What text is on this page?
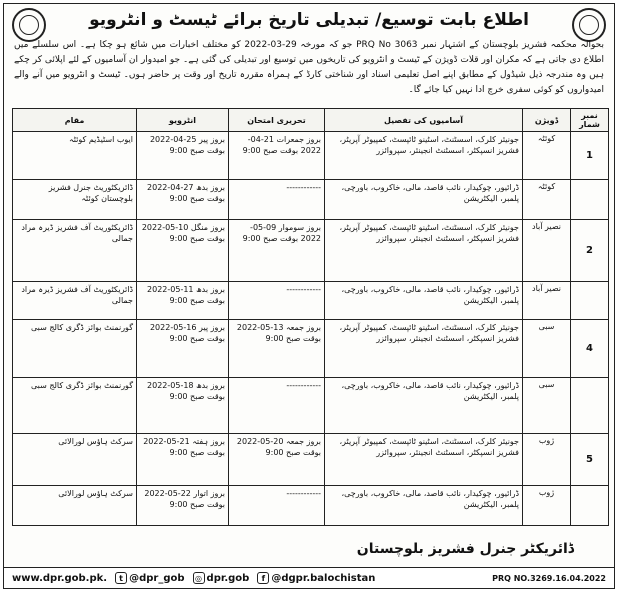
اطلاع بابت توسیع/ تبدیلی تاریخ برائے ٹیسٹ و انٹرویو
بحوالہ محکمہ فشریز بلوچستان کے اشتہار نمبر PRQ No 3063 جو کہ مورخہ 29-03-2022 کو مختلف اخبارات میں شائع ہو چکا ہے۔ اس سلسلے میں اطلاع دی جاتی ہے کہ مکران اور قلات ڈویژن کے ٹیسٹ و انٹرویو کی تاریخوں میں توسیع اور تبدیلی کی گئی ہے۔ جو امیدوار ان آسامیوں کے لئے اپلائی کر چکے ہیں وہ مندرجہ ذیل شیڈول کے مطابق اپنے اصل تعلیمی اسناد اور شناختی کارڈ کے ہمراہ مقررہ تاریخ اور وقت پر حاضر ہوں۔ ٹیسٹ و انٹرویو میں آنے والے امیدواروں کو کوئی سفری خرچ ادا نہیں کیا جائے گا۔
نمبر شمار	ڈویژن	آسامیوں کی تفصیل	تحریری امتحان	انٹرویو	مقام
1	کوئٹہ	جونیئر کلرک، اسسٹنٹ، اسٹینو ٹائپسٹ، کمپیوٹر آپریٹر، فشریز انسپکٹر، اسسٹنٹ انجینئر، سپروائزر	بروز جمعرات 21-04-2022 بوقت صبح 9:00	بروز پیر 25-04-2022 بوقت صبح 9:00	ایوب اسٹیڈیم کوئٹہ
	کوئٹہ	ڈرائیور، چوکیدار، نائب قاصد، مالی، خاکروب، باورچی، پلمبر، الیکٹریشن	------------	بروز بدھ 27-04-2022 بوقت صبح 9:00	ڈائریکٹوریٹ جنرل فشریز بلوچستان کوئٹہ
2	نصیر آباد	جونیئر کلرک، اسسٹنٹ، اسٹینو ٹائپسٹ، کمپیوٹر آپریٹر، فشریز انسپکٹر، اسسٹنٹ انجینئر، سپروائزر	بروز سوموار 09-05-2022 بوقت صبح 9:00	بروز منگل 10-05-2022 بوقت صبح 9:00	ڈائریکٹوریٹ آف فشریز ڈیرہ مراد جمالی
	نصیر آباد	ڈرائیور، چوکیدار، نائب قاصد، مالی، خاکروب، باورچی، پلمبر، الیکٹریشن	------------	بروز بدھ 11-05-2022 بوقت صبح 9:00	ڈائریکٹوریٹ آف فشریز ڈیرہ مراد جمالی
4	سبی	جونیئر کلرک، اسسٹنٹ، اسٹینو ٹائپسٹ، کمپیوٹر آپریٹر، فشریز انسپکٹر، اسسٹنٹ انجینئر، سپروائزر	بروز جمعہ 13-05-2022 بوقت صبح 9:00	بروز پیر 16-05-2022 بوقت صبح 9:00	گورنمنٹ بوائز ڈگری کالج سبی
	سبی	ڈرائیور، چوکیدار، نائب قاصد، مالی، خاکروب، باورچی، پلمبر، الیکٹریشن	------------	بروز بدھ 18-05-2022 بوقت صبح 9:00	گورنمنٹ بوائز ڈگری کالج سبی
5	ژوب	جونیئر کلرک، اسسٹنٹ، اسٹینو ٹائپسٹ، کمپیوٹر آپریٹر، فشریز انسپکٹر، اسسٹنٹ انجینئر، سپروائزر	بروز جمعہ 20-05-2022 بوقت صبح 9:00	بروز ہفتہ 21-05-2022 بوقت صبح 9:00	سرکٹ ہاؤس لورالائی
	ژوب	ڈرائیور، چوکیدار، نائب قاصد، مالی، خاکروب، باورچی، پلمبر، الیکٹریشن	------------	بروز اتوار 22-05-2022 بوقت صبح 9:00	سرکٹ ہاؤس لورالائی
ڈائریکٹر جنرل فشریز بلوچستان
www.dpr.gob.pk.	t @dpr_gob	◎ dpr.gob	f @dgpr.balochistan	PRQ NO.3269.16.04.2022
